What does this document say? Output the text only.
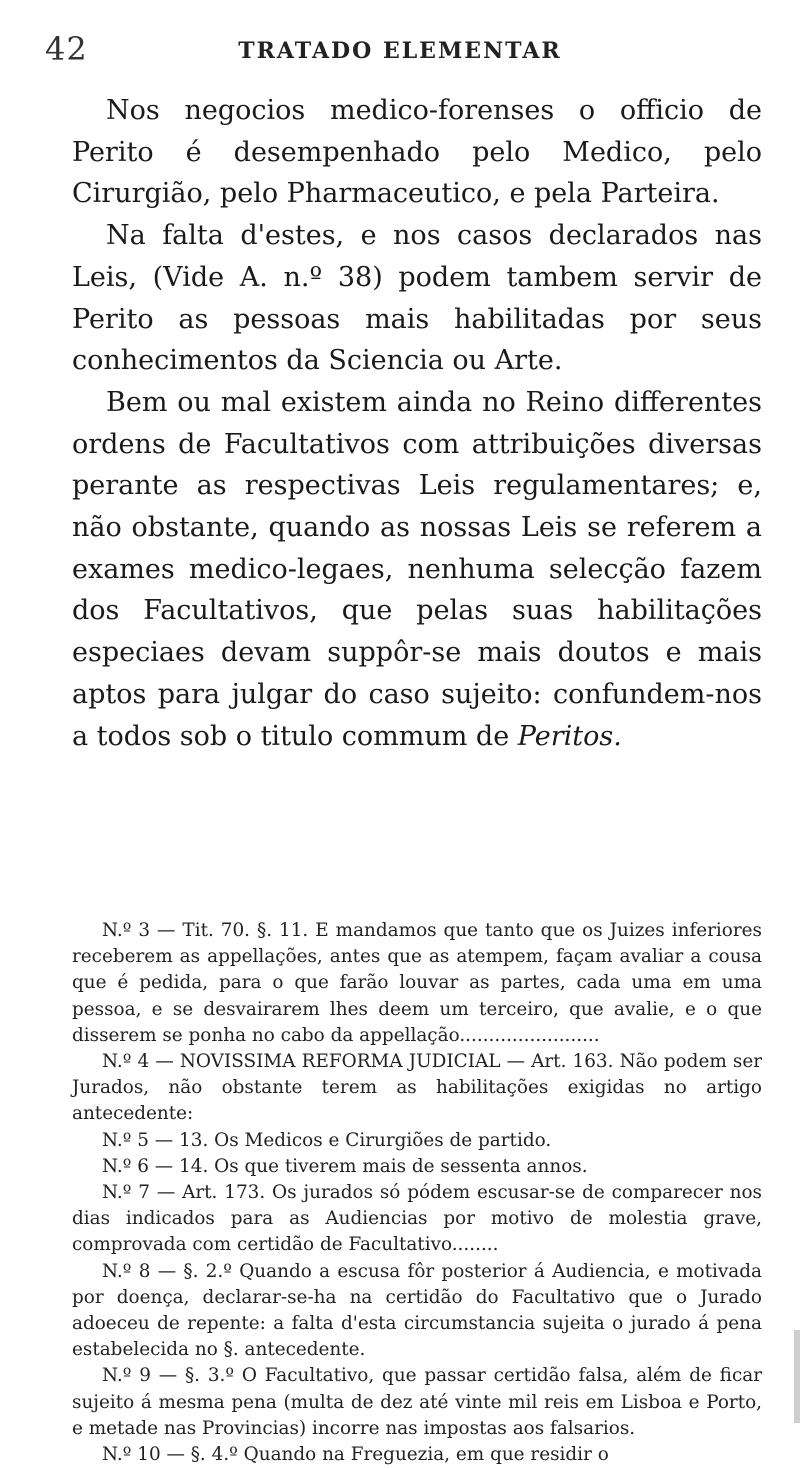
42	TRATADO ELEMENTAR

Nos negocios medico-forenses o officio de Perito é desempenhado pelo Medico, pelo Cirurgião, pelo Pharmaceutico, e pela Parteira.

Na falta d'estes, e nos casos declarados nas Leis, (Vide A. n.º 38) podem tambem servir de Perito as pessoas mais habilitadas por seus conhecimentos da Sciencia ou Arte.

Bem ou mal existem ainda no Reino differentes ordens de Facultativos com attribuições diversas perante as respectivas Leis regulamentares; e, não obstante, quando as nossas Leis se referem a exames medico-legaes, nenhuma selecção fazem dos Facultativos, que pelas suas habilitações especiaes devam suppôr-se mais doutos e mais aptos para julgar do caso sujeito: confundem-nos a todos sob o titulo commum de Peritos.

N.º 3 — Tit. 70. §. 11. E mandamos que tanto que os Juizes inferiores receberem as appellações, antes que as atempem, façam avaliar a cousa que é pedida, para o que farão louvar as partes, cada uma em uma pessoa, e se desvairarem lhes deem um terceiro, que avalie, e o que disserem se ponha no cabo da appellação........................

N.º 4 — NOVISSIMA REFORMA JUDICIAL — Art. 163. Não podem ser Jurados, não obstante terem as habilitações exigidas no artigo antecedente:

N.º 5 — 13. Os Medicos e Cirurgiões de partido.

N.º 6 — 14. Os que tiverem mais de sessenta annos.

N.º 7 — Art. 173. Os jurados só pódem escusar-se de comparecer nos dias indicados para as Audiencias por motivo de molestia grave, comprovada com certidão de Facultativo........

N.º 8 — §. 2.º Quando a escusa fôr posterior á Audiencia, e motivada por doença, declarar-se-ha na certidão do Facultativo que o Jurado adoeceu de repente: a falta d'esta circumstancia sujeita o jurado á pena estabelecida no §. antecedente.

N.º 9 — §. 3.º O Facultativo, que passar certidão falsa, além de ficar sujeito á mesma pena (multa de dez até vinte mil reis em Lisboa e Porto, e metade nas Provincias) incorre nas impostas aos falsarios.

N.º 10 — §. 4.º Quando na Freguezia, em que residir o
